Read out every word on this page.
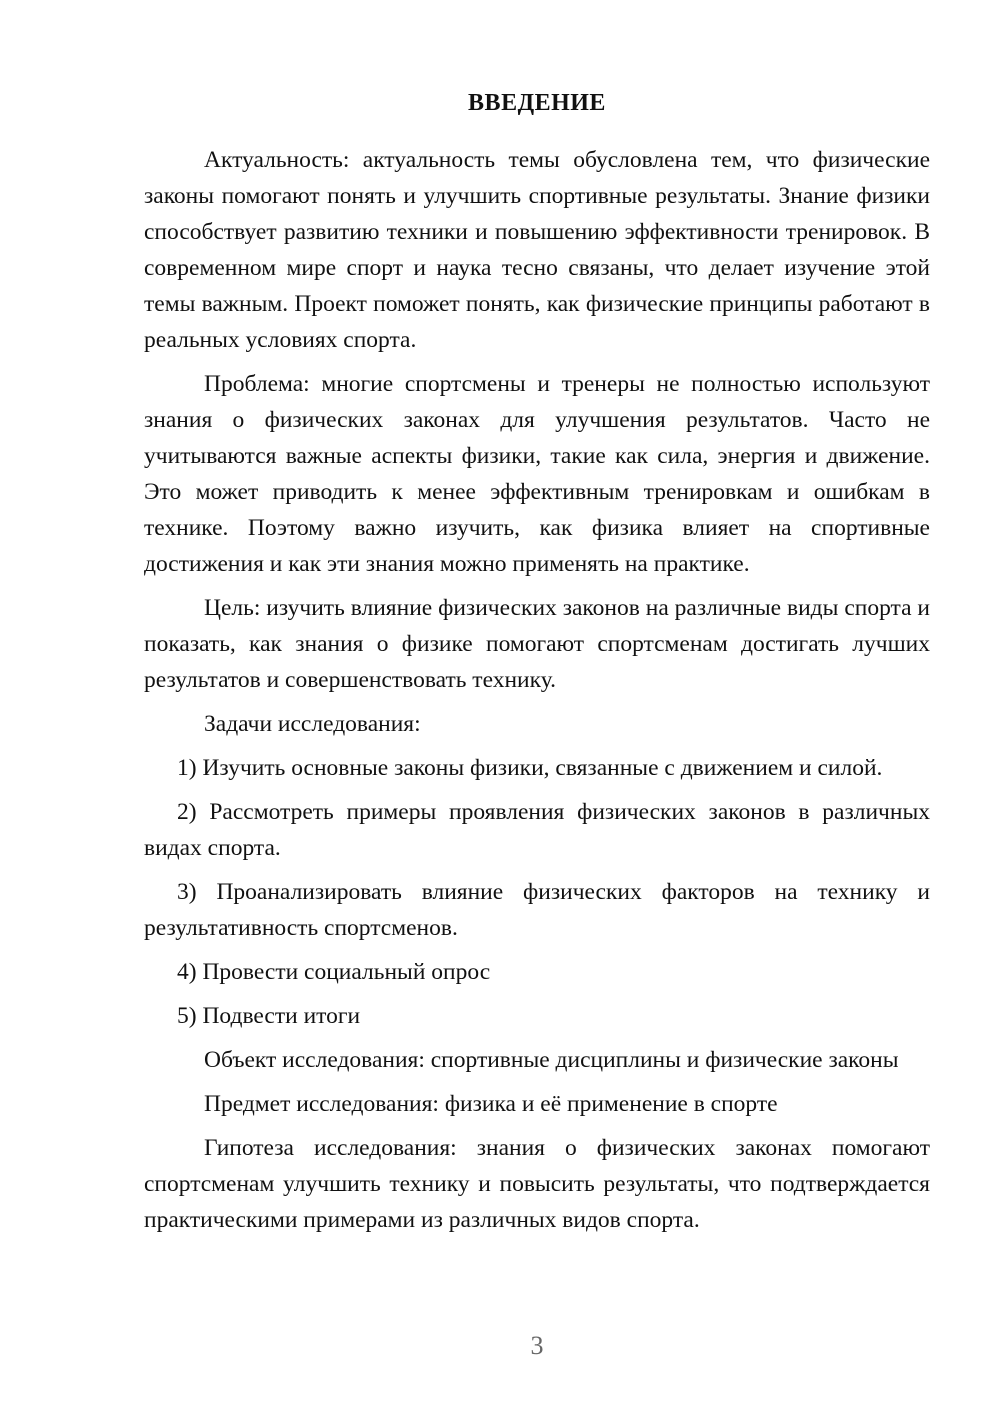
ВВЕДЕНИЕ

Актуальность: актуальность темы обусловлена тем, что физические законы помогают понять и улучшить спортивные результаты. Знание физики способствует развитию техники и повышению эффективности тренировок. В современном мире спорт и наука тесно связаны, что делает изучение этой темы важным. Проект поможет понять, как физические принципы работают в реальных условиях спорта.

Проблема: многие спортсмены и тренеры не полностью используют знания о физических законах для улучшения результатов. Часто не учитываются важные аспекты физики, такие как сила, энергия и движение. Это может приводить к менее эффективным тренировкам и ошибкам в технике. Поэтому важно изучить, как физика влияет на спортивные достижения и как эти знания можно применять на практике.

Цель: изучить влияние физических законов на различные виды спорта и показать, как знания о физике помогают спортсменам достигать лучших результатов и совершенствовать технику.

Задачи исследования:

1) Изучить основные законы физики, связанные с движением и силой.

2) Рассмотреть примеры проявления физических законов в различных видах спорта.

3) Проанализировать влияние физических факторов на технику и результативность спортсменов.

4) Провести социальный опрос

5) Подвести итоги

Объект исследования: спортивные дисциплины и физические законы

Предмет исследования: физика и её применение в спорте

Гипотеза исследования: знания о физических законах помогают спортсменам улучшить технику и повысить результаты, что подтверждается практическими примерами из различных видов спорта.

3
